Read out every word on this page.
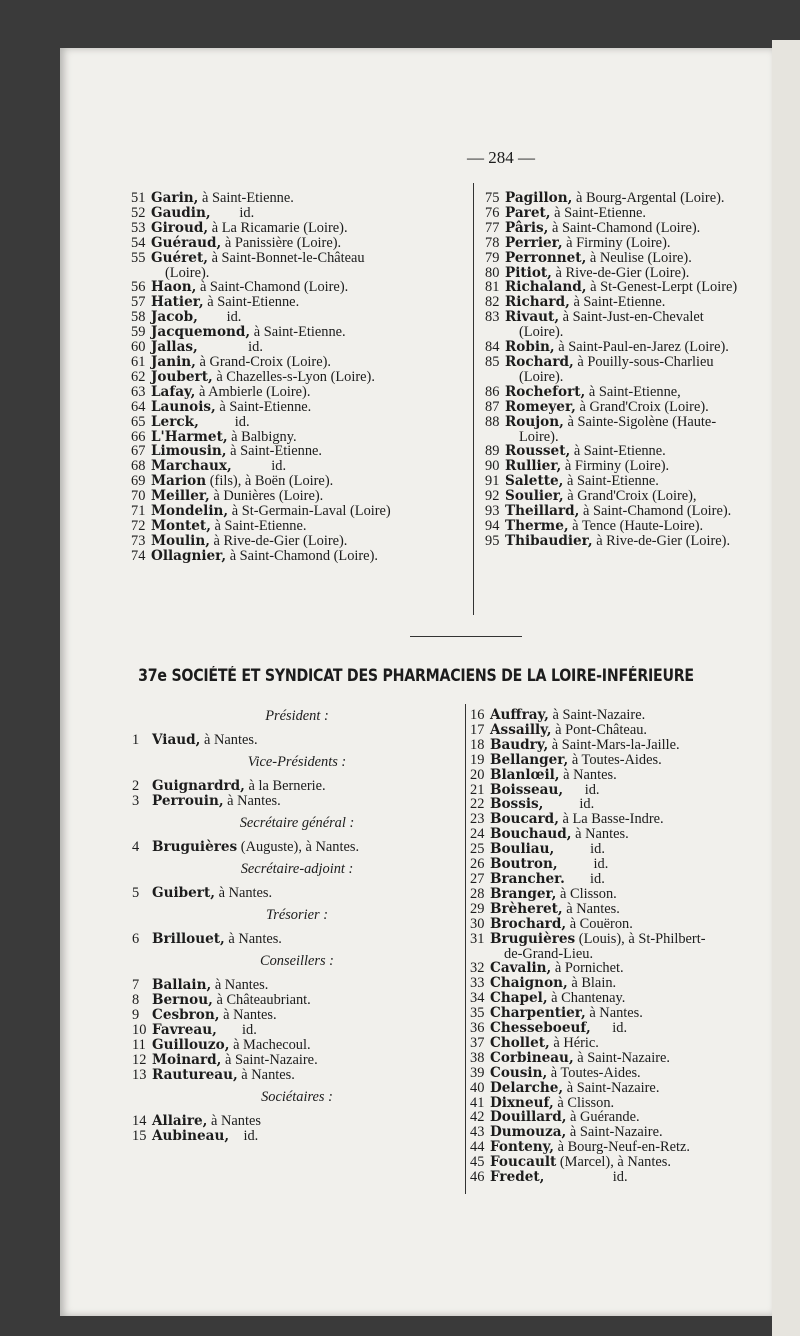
— 284 —
51 Garin, à Saint-Etienne.
52 Gaudin,        id.
53 Giroud, à La Ricamarie (Loire).
54 Guéraud, à Panissière (Loire).
55 Guéret, à Saint-Bonnet-le-Château
(Loire).
56 Haon, à Saint-Chamond (Loire).
57 Hatier, à Saint-Etienne.
58 Jacob,        id.
59 Jacquemond, à Saint-Etienne.
60 Jallas,              id.
61 Janin, à Grand-Croix (Loire).
62 Joubert, à Chazelles-s-Lyon (Loire).
63 Lafay, à Ambierle (Loire).
64 Launois, à Saint-Etienne.
65 Lerck,          id.
66 L'Harmet, à Balbigny.
67 Limousin, à Saint-Etienne.
68 Marchaux,           id.
69 Marion (fils), à Boën (Loire).
70 Meiller, à Dunières (Loire).
71 Mondelin, à St-Germain-Laval (Loire)
72 Montet, à Saint-Etienne.
73 Moulin, à Rive-de-Gier (Loire).
74 Ollagnier, à Saint-Chamond (Loire).
75 Pagillon, à Bourg-Argental (Loire).
76 Paret, à Saint-Etienne.
77 Pâris, à Saint-Chamond (Loire).
78 Perrier, à Firminy (Loire).
79 Perronnet, à Neulise (Loire).
80 Pitiot, à Rive-de-Gier (Loire).
81 Richaland, à St-Genest-Lerpt (Loire)
82 Richard, à Saint-Etienne.
83 Rivaut, à Saint-Just-en-Chevalet
(Loire).
84 Robin, à Saint-Paul-en-Jarez (Loire).
85 Rochard, à Pouilly-sous-Charlieu
(Loire).
86 Rochefort, à Saint-Etienne,
87 Romeyer, à Grand'Croix (Loire).
88 Roujon, à Sainte-Sigolène (Haute-
Loire).
89 Rousset, à Saint-Etienne.
90 Rullier, à Firminy (Loire).
91 Salette, à Saint-Etienne.
92 Soulier, à Grand'Croix (Loire),
93 Theillard, à Saint-Chamond (Loire).
94 Therme, à Tence (Haute-Loire).
95 Thibaudier, à Rive-de-Gier (Loire).
37e SOCIÉTÉ ET SYNDICAT DES PHARMACIENS DE LA LOIRE-INFÉRIEURE
Président :
1 Viaud, à Nantes.
Vice-Présidents :
2 Guignardrd, à la Bernerie.
3 Perrouin, à Nantes.
Secrétaire général :
4 Bruguières (Auguste), à Nantes.
Secrétaire-adjoint :
5 Guibert, à Nantes.
Trésorier :
6 Brillouet, à Nantes.
Conseillers :
7 Ballain, à Nantes.
8 Bernou, à Châteaubriant.
9 Cesbron, à Nantes.
10 Favreau,       id.
11 Guillouzo, à Machecoul.
12 Moinard, à Saint-Nazaire.
13 Rautureau, à Nantes.
Sociétaires :
14 Allaire, à Nantes
15 Aubineau,    id.
16 Auffray, à Saint-Nazaire.
17 Assailly, à Pont-Château.
18 Baudry, à Saint-Mars-la-Jaille.
19 Bellanger, à Toutes-Aides.
20 Blanlœil, à Nantes.
21 Boisseau,      id.
22 Bossis,          id.
23 Boucard, à La Basse-Indre.
24 Bouchaud, à Nantes.
25 Bouliau,          id.
26 Boutron,          id.
27 Brancher.       id.
28 Branger, à Clisson.
29 Brèheret, à Nantes.
30 Brochard, à Couëron.
31 Bruguières (Louis), à St-Philbert-
de-Grand-Lieu.
32 Cavalin, à Pornichet.
33 Chaignon, à Blain.
34 Chapel, à Chantenay.
35 Charpentier, à Nantes.
36 Chesseboeuf,      id.
37 Chollet, à Héric.
38 Corbineau, à Saint-Nazaire.
39 Cousin, à Toutes-Aides.
40 Delarche, à Saint-Nazaire.
41 Dixneuf, à Clisson.
42 Douillard, à Guérande.
43 Dumouza, à Saint-Nazaire.
44 Fonteny, à Bourg-Neuf-en-Retz.
45 Foucault (Marcel), à Nantes.
46 Fredet,                   id.
